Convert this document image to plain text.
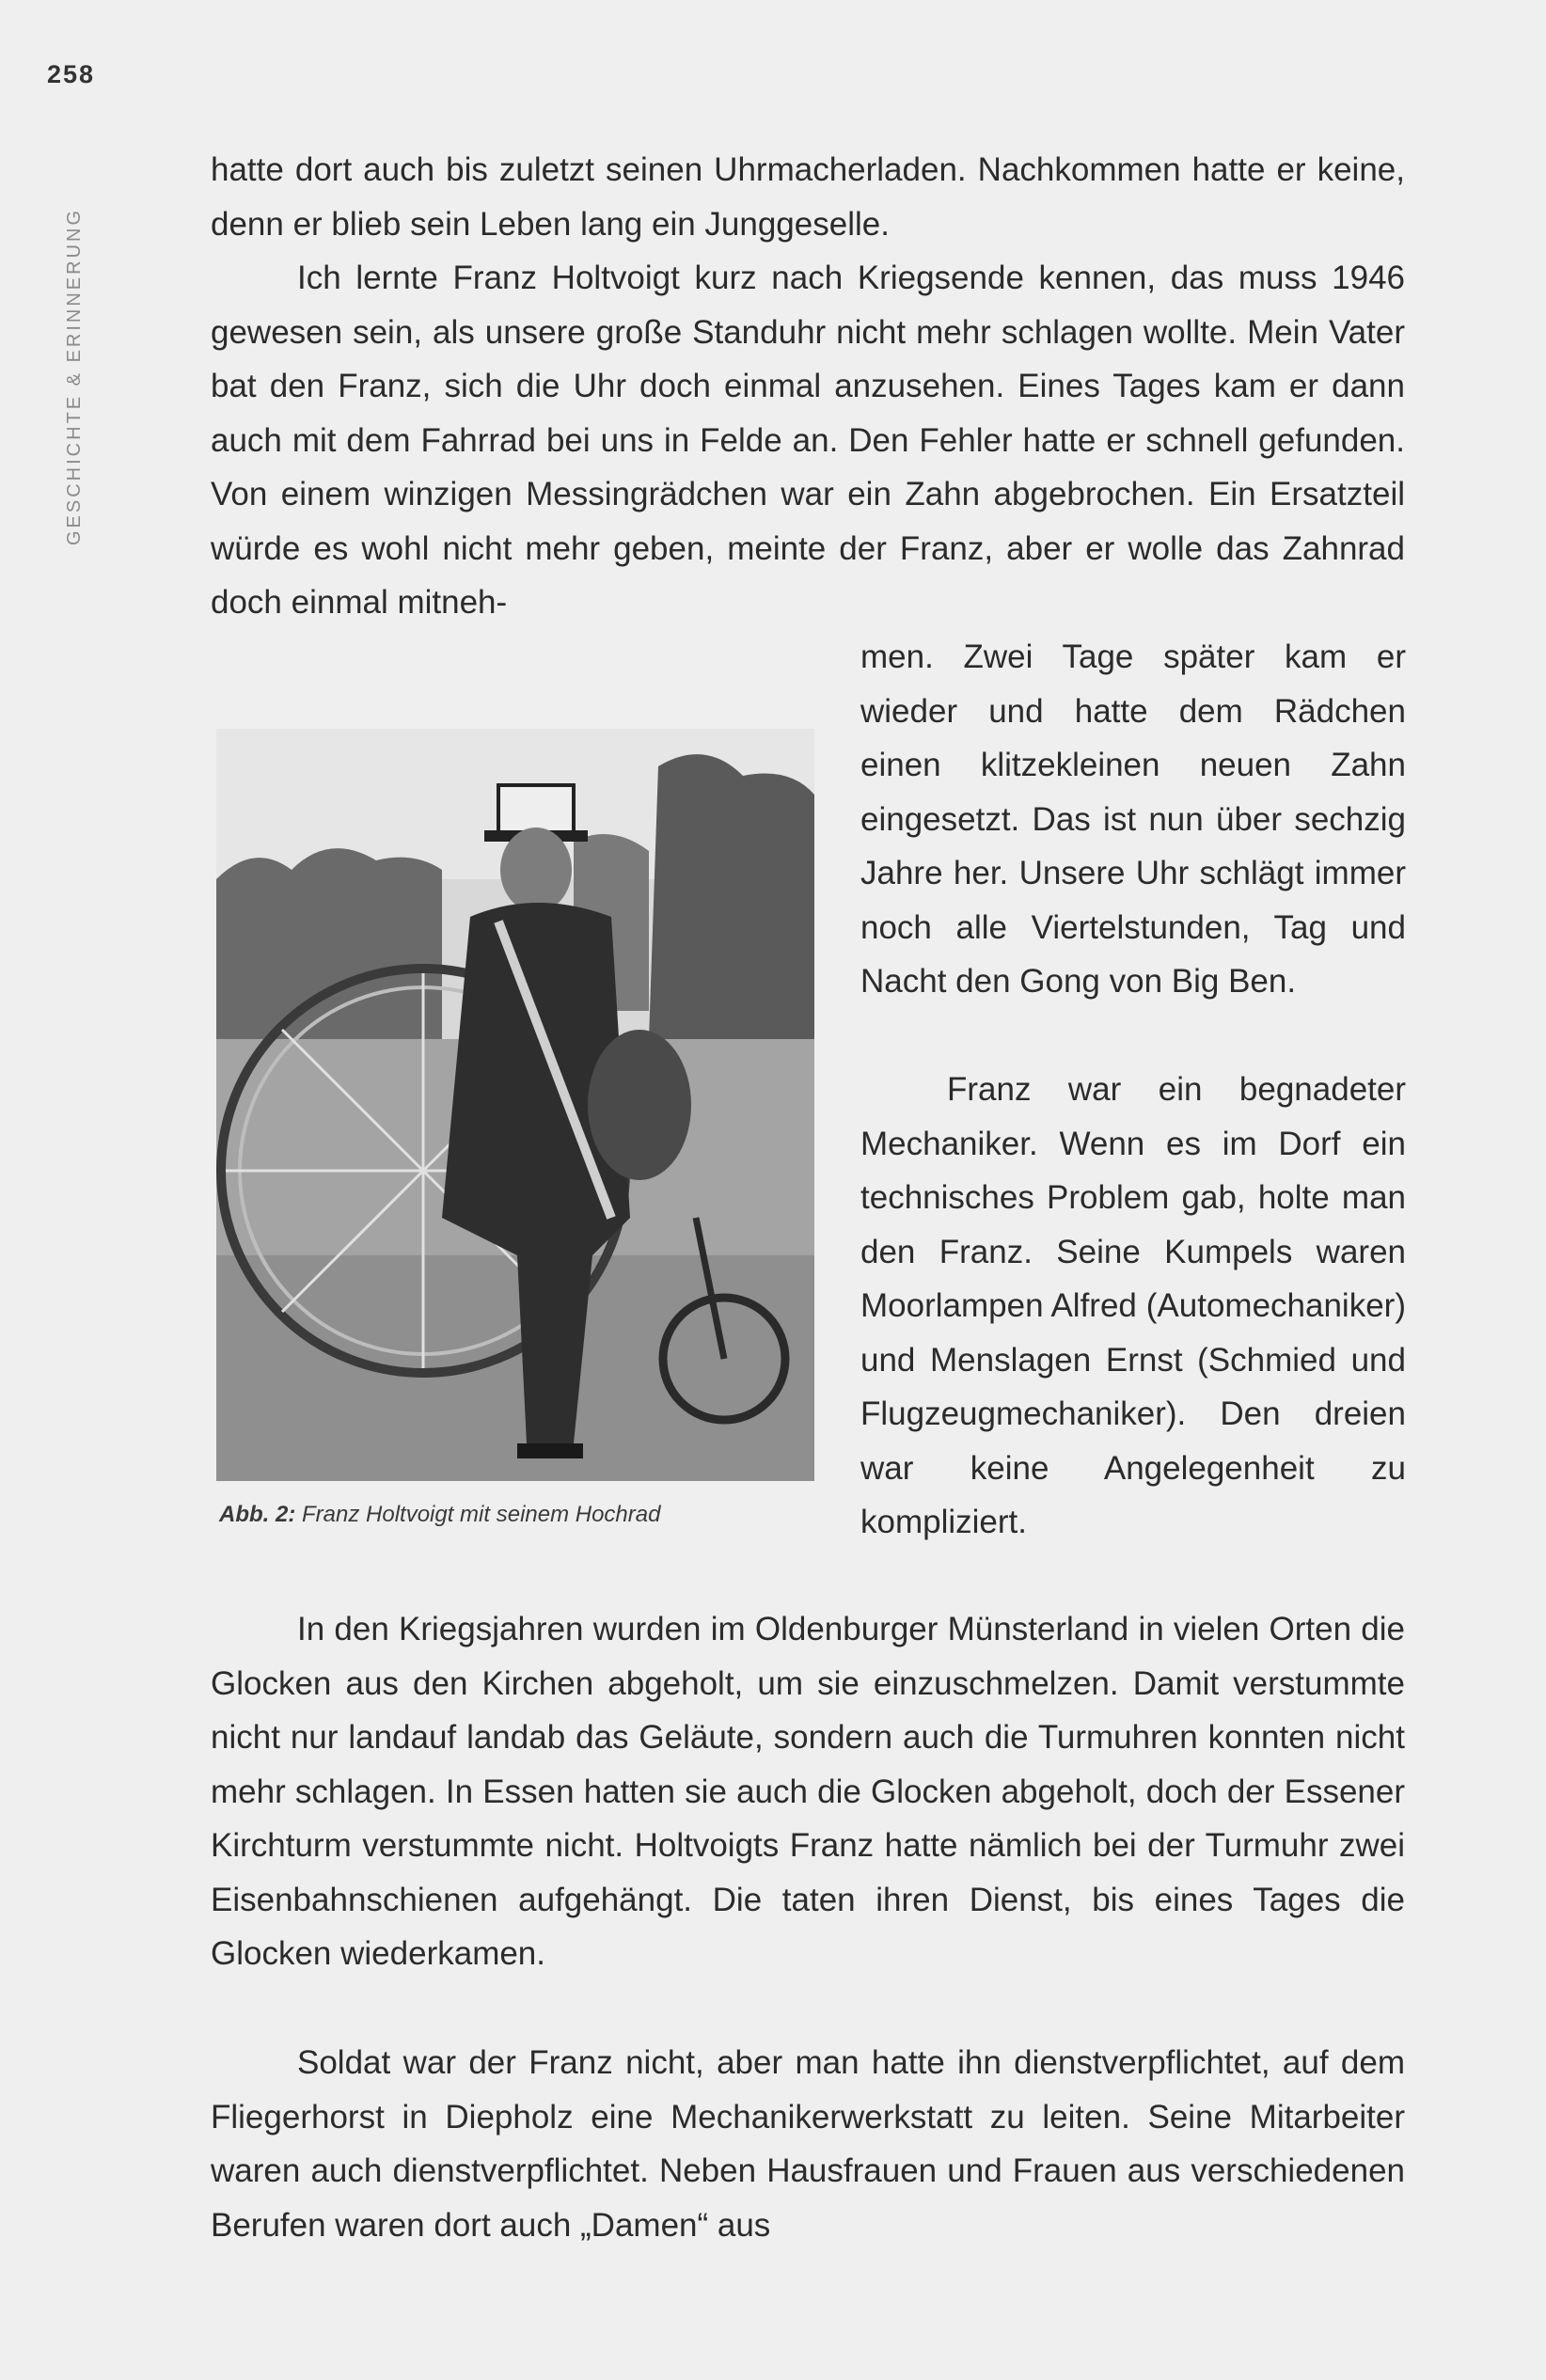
258
GESCHICHTE & ERINNERUNG

hatte dort auch bis zuletzt seinen Uhrmacherladen. Nachkommen hatte er keine, denn er blieb sein Leben lang ein Junggeselle.

Ich lernte Franz Holtvoigt kurz nach Kriegsende kennen, das muss 1946 gewesen sein, als unsere große Standuhr nicht mehr schlagen wollte. Mein Vater bat den Franz, sich die Uhr doch einmal anzusehen. Eines Tages kam er dann auch mit dem Fahrrad bei uns in Felde an. Den Fehler hatte er schnell gefunden. Von einem winzigen Messingrädchen war ein Zahn abgebrochen. Ein Ersatzteil würde es wohl nicht mehr geben, meinte der Franz, aber er wolle das Zahnrad doch einmal mitneh-

men. Zwei Tage später kam er wieder und hatte dem Rädchen einen klitzekleinen neuen Zahn eingesetzt. Das ist nun über sechzig Jahre her. Unsere Uhr schlägt immer noch alle Viertelstunden, Tag und Nacht den Gong von Big Ben.

Franz war ein begnadeter Mechaniker. Wenn es im Dorf ein technisches Problem gab, holte man den Franz. Seine Kumpels waren Moorlampen Alfred (Automechaniker) und Menslagen Ernst (Schmied und Flugzeugmechaniker). Den dreien war keine Angelegenheit zu kompliziert.

In den Kriegsjahren wurden im Oldenburger Münsterland in vielen Orten die Glocken aus den Kirchen abgeholt, um sie einzuschmelzen. Damit verstummte nicht nur landauf landab das Geläute, sondern auch die Turmuhren konnten nicht mehr schlagen. In Essen hatten sie auch die Glocken abgeholt, doch der Essener Kirchturm verstummte nicht. Holtvoigts Franz hatte nämlich bei der Turmuhr zwei Eisenbahnschienen aufgehängt. Die taten ihren Dienst, bis eines Tages die Glocken wiederkamen.

Soldat war der Franz nicht, aber man hatte ihn dienstverpflichtet, auf dem Fliegerhorst in Diepholz eine Mechanikerwerkstatt zu leiten. Seine Mitarbeiter waren auch dienstverpflichtet. Neben Hausfrauen und Frauen aus verschiedenen Berufen waren dort auch „Damen“ aus

Abb. 2: Franz Holtvoigt mit seinem Hochrad
